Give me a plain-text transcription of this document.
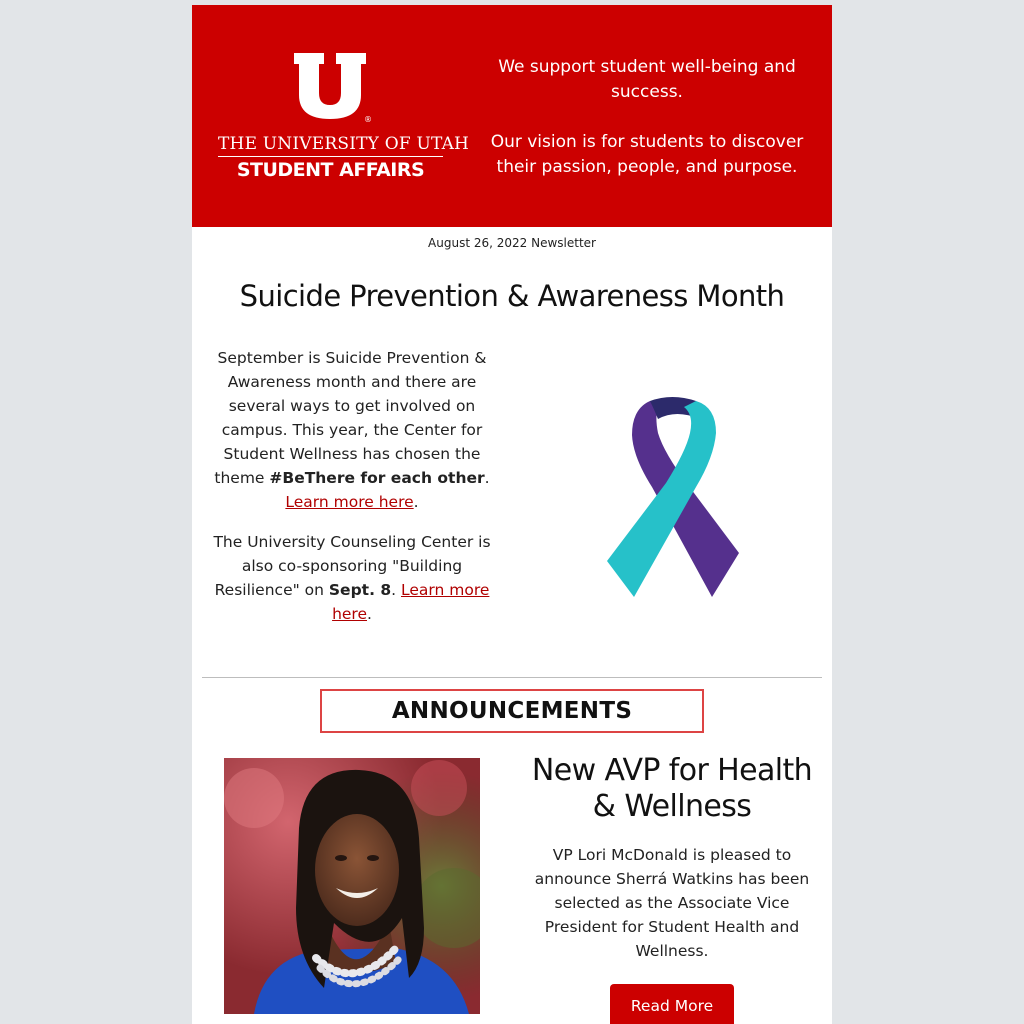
®
THE UNIVERSITY OF UTAH
STUDENT AFFAIRS

We support student well-being and success.

Our vision is for students to discover their passion, people, and purpose.

August 26, 2022 Newsletter
Suicide Prevention & Awareness Month

September is Suicide Prevention & Awareness month and there are several ways to get involved on campus. This year, the Center for Student Wellness has chosen the theme #BeThere for each other. Learn more here.

The University Counseling Center is also co-sponsoring "Building Resilience" on Sept. 8. Learn more here.

ANNOUNCEMENTS
New AVP for Health & Wellness
VP Lori McDonald is pleased to announce Sherrá Watkins has been selected as the Associate Vice President for Student Health and Wellness.
Read More
